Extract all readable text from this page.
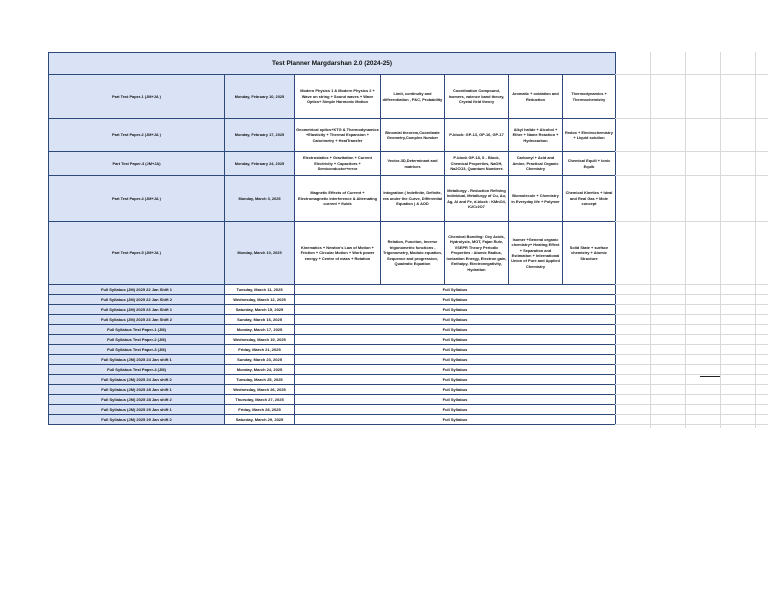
Test Planner Margdarshan 2.0 (2024-25)						
Part Test Paper-1 (JM+JA )	Monday, February 10, 2025	Modern Physics 1 & Modern Physics 2 + Wave on string + Sound waves + Wave Optics+ Simple Harmonic Motion	Limit, continuity and differentiation , P&C, Probability	Coordination Compound, Isomers, valence band theory, Crystal field theory	Aromatic + oxidation and Reduction	Thermodynamics + Thermochemistry
Part Test Paper-2 (JM+JA )	Monday, February 17, 2025	Geometrical optics+KTG & Thermodynamics +Elasticity + Thermal Expansion + Calorimetry + HeatTransfer	Binomial theorem,Coordinate Geometry,Complex Number	P-block: GP-13, GP-16, GP-17	Alkyl halide + Alcohol + Ether + Name Reaction + Hydrocarbon	Redox + Electrochemistry + Liquid solution
Part Test Paper-3 (JM+JA)	Monday, February 24, 2025	Electrostatics + Gravitation + Current Electricity + Capacitors + Semiconductor+error	Vector-3D,Determinant and matrices	P-block GP-18, S - Block, Chemical Properties, NaOH, Na2CO3, Quantum Numbers	Carbonyl + Acid and Amine, Practical Organic Chemistry	Chemical Equili + Ionic Equib
Part Test Paper-4 (JM+JA )	Monday, March 3, 2025	Magnetic Effects of Current + Electromagnetic interference & Alternating current + fluids	Integration ( Indefinite, Definite, rea under the Curve, Differential Equation ) & AOD	Metallurgy - Reduction Refining Individual, Metallurgy of Cu, Au, Ag, Al and Fe, d-block : KMnO4, K2Cr2O7	Biomolecule + Chemistry in Everyday life + Polymer	Chemical Kinetics + Ideal and Real Gas + Mole concept
Part Test Paper-5 (JM+JA )	Monday, March 10, 2025	Kinematics + Newton's Law of Motion + Friction + Circular Motion + Work power energy + Centre of mass + Rotation	Relation, Function, Inverse trigonometric functions , Trigonometry, Modulo equation, Sequence and progression, Quadratic Equation	Chemical Bonding: Oxy Acids, Hydrolysis, MOT, Fajan Rule, VSEPR Theory Periodic Properties : Atomic Radius, Ionization Energy, Electron gain, Enthalpy, Electronegativity, Hydration	Isomer +General organic chemistry+ Heating Effect + Separation and Estimation + International Union of Pure and Applied Chemistry	Solid State + surface chemistry + Atomic Structure
Full Syllabus (JM) 2025 22 Jan Shift 1	Tuesday, March 11, 2025	Full Syllabus				
Full Syllabus (JM) 2025 22 Jan Shift 2	Wednesday, March 12, 2025	Full Syllabus				
Full Syllabus (JM) 2025 23 Jan Shift 1	Saturday, March 15, 2025	Full Syllabus				
Full Syllabus (JM) 2025 23 Jan Shift 2	Sunday, March 16, 2025	Full Syllabus				
Full Syllabus Test Paper-1 (JM)	Monday, March 17, 2025	Full Syllabus				
Full Syllabus Test Paper-2 (JM)	Wednesday, March 19, 2025	Full Syllabus				
Full Syllabus Test Paper-3 (JM)	Friday, March 21, 2025	Full Syllabus				
Full Syllabus (JM) 2025 24 Jan shift 1	Sunday, March 23, 2025	Full Syllabus				
Full Syllabus Test Paper-4 (JM)	Monday, March 24, 2025	Full Syllabus				
Full Syllabus (JM) 2025 24 Jan shift 2	Tuesday, March 25, 2025	Full Syllabus				
Full Syllabus (JM) 2025 28 Jan shift 1	Wednesday, March 26, 2025	Full Syllabus				
Full Syllabus (JM) 2025 28 Jan shift 2	Thursday, March 27, 2025	Full Syllabus				
Full Syllabus (JM) 2025 29 Jan shift 1	Friday, March 28, 2025	Full Syllabus				
Full Syllabus (JM) 2025 29 Jan shift 2	Saturday, March 29, 2025	Full Syllabus				
